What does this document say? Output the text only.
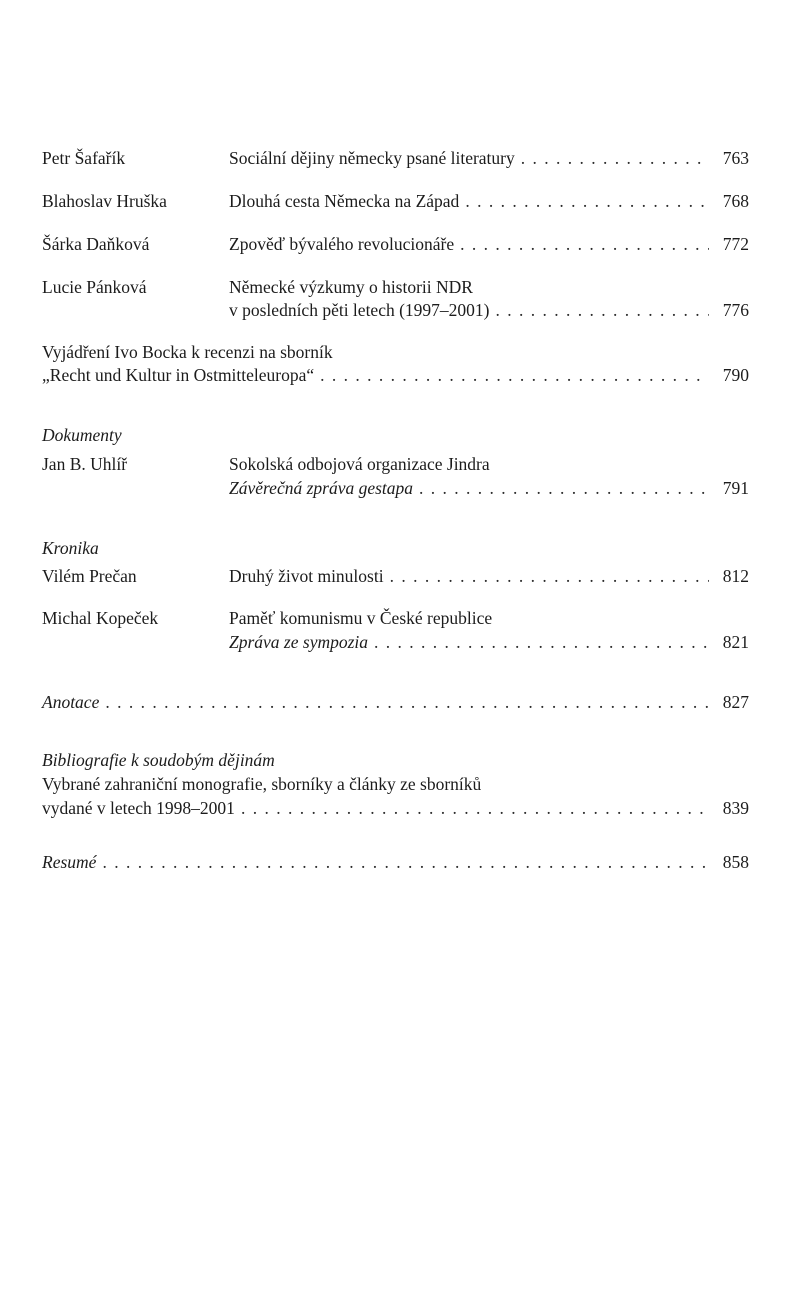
Petr Šafařík	Sociální dějiny německy psané literatury . . .	763
Blahoslav Hruška	Dlouhá cesta Německa na Západ . . .	768
Šárka Daňková	Zpověď bývalého revolucionáře . . .	772
Lucie Pánková	Německé výzkumy o historii NDR
v posledních pěti letech (1997–2001) . . .	776
Vyjádření Ivo Bocka k recenzi na sborník
„Recht und Kultur in Ostmitteleuropa“ . . .	790
Dokumenty
Jan B. Uhlíř	Sokolská odbojová organizace Jindra
Závěrečná zpráva gestapa . . .	791
Kronika
Vilém Prečan	Druhý život minulosti . . .	812
Michal Kopeček	Paměť komunismu v České republice
Zpráva ze sympozia . . .	821
Anotace . . .	827
Bibliografie k soudobým dějinám
Vybrané zahraniční monografie, sborníky a články ze sborníků
vydané v letech 1998–2001 . . .	839
Resumé . . .	858
